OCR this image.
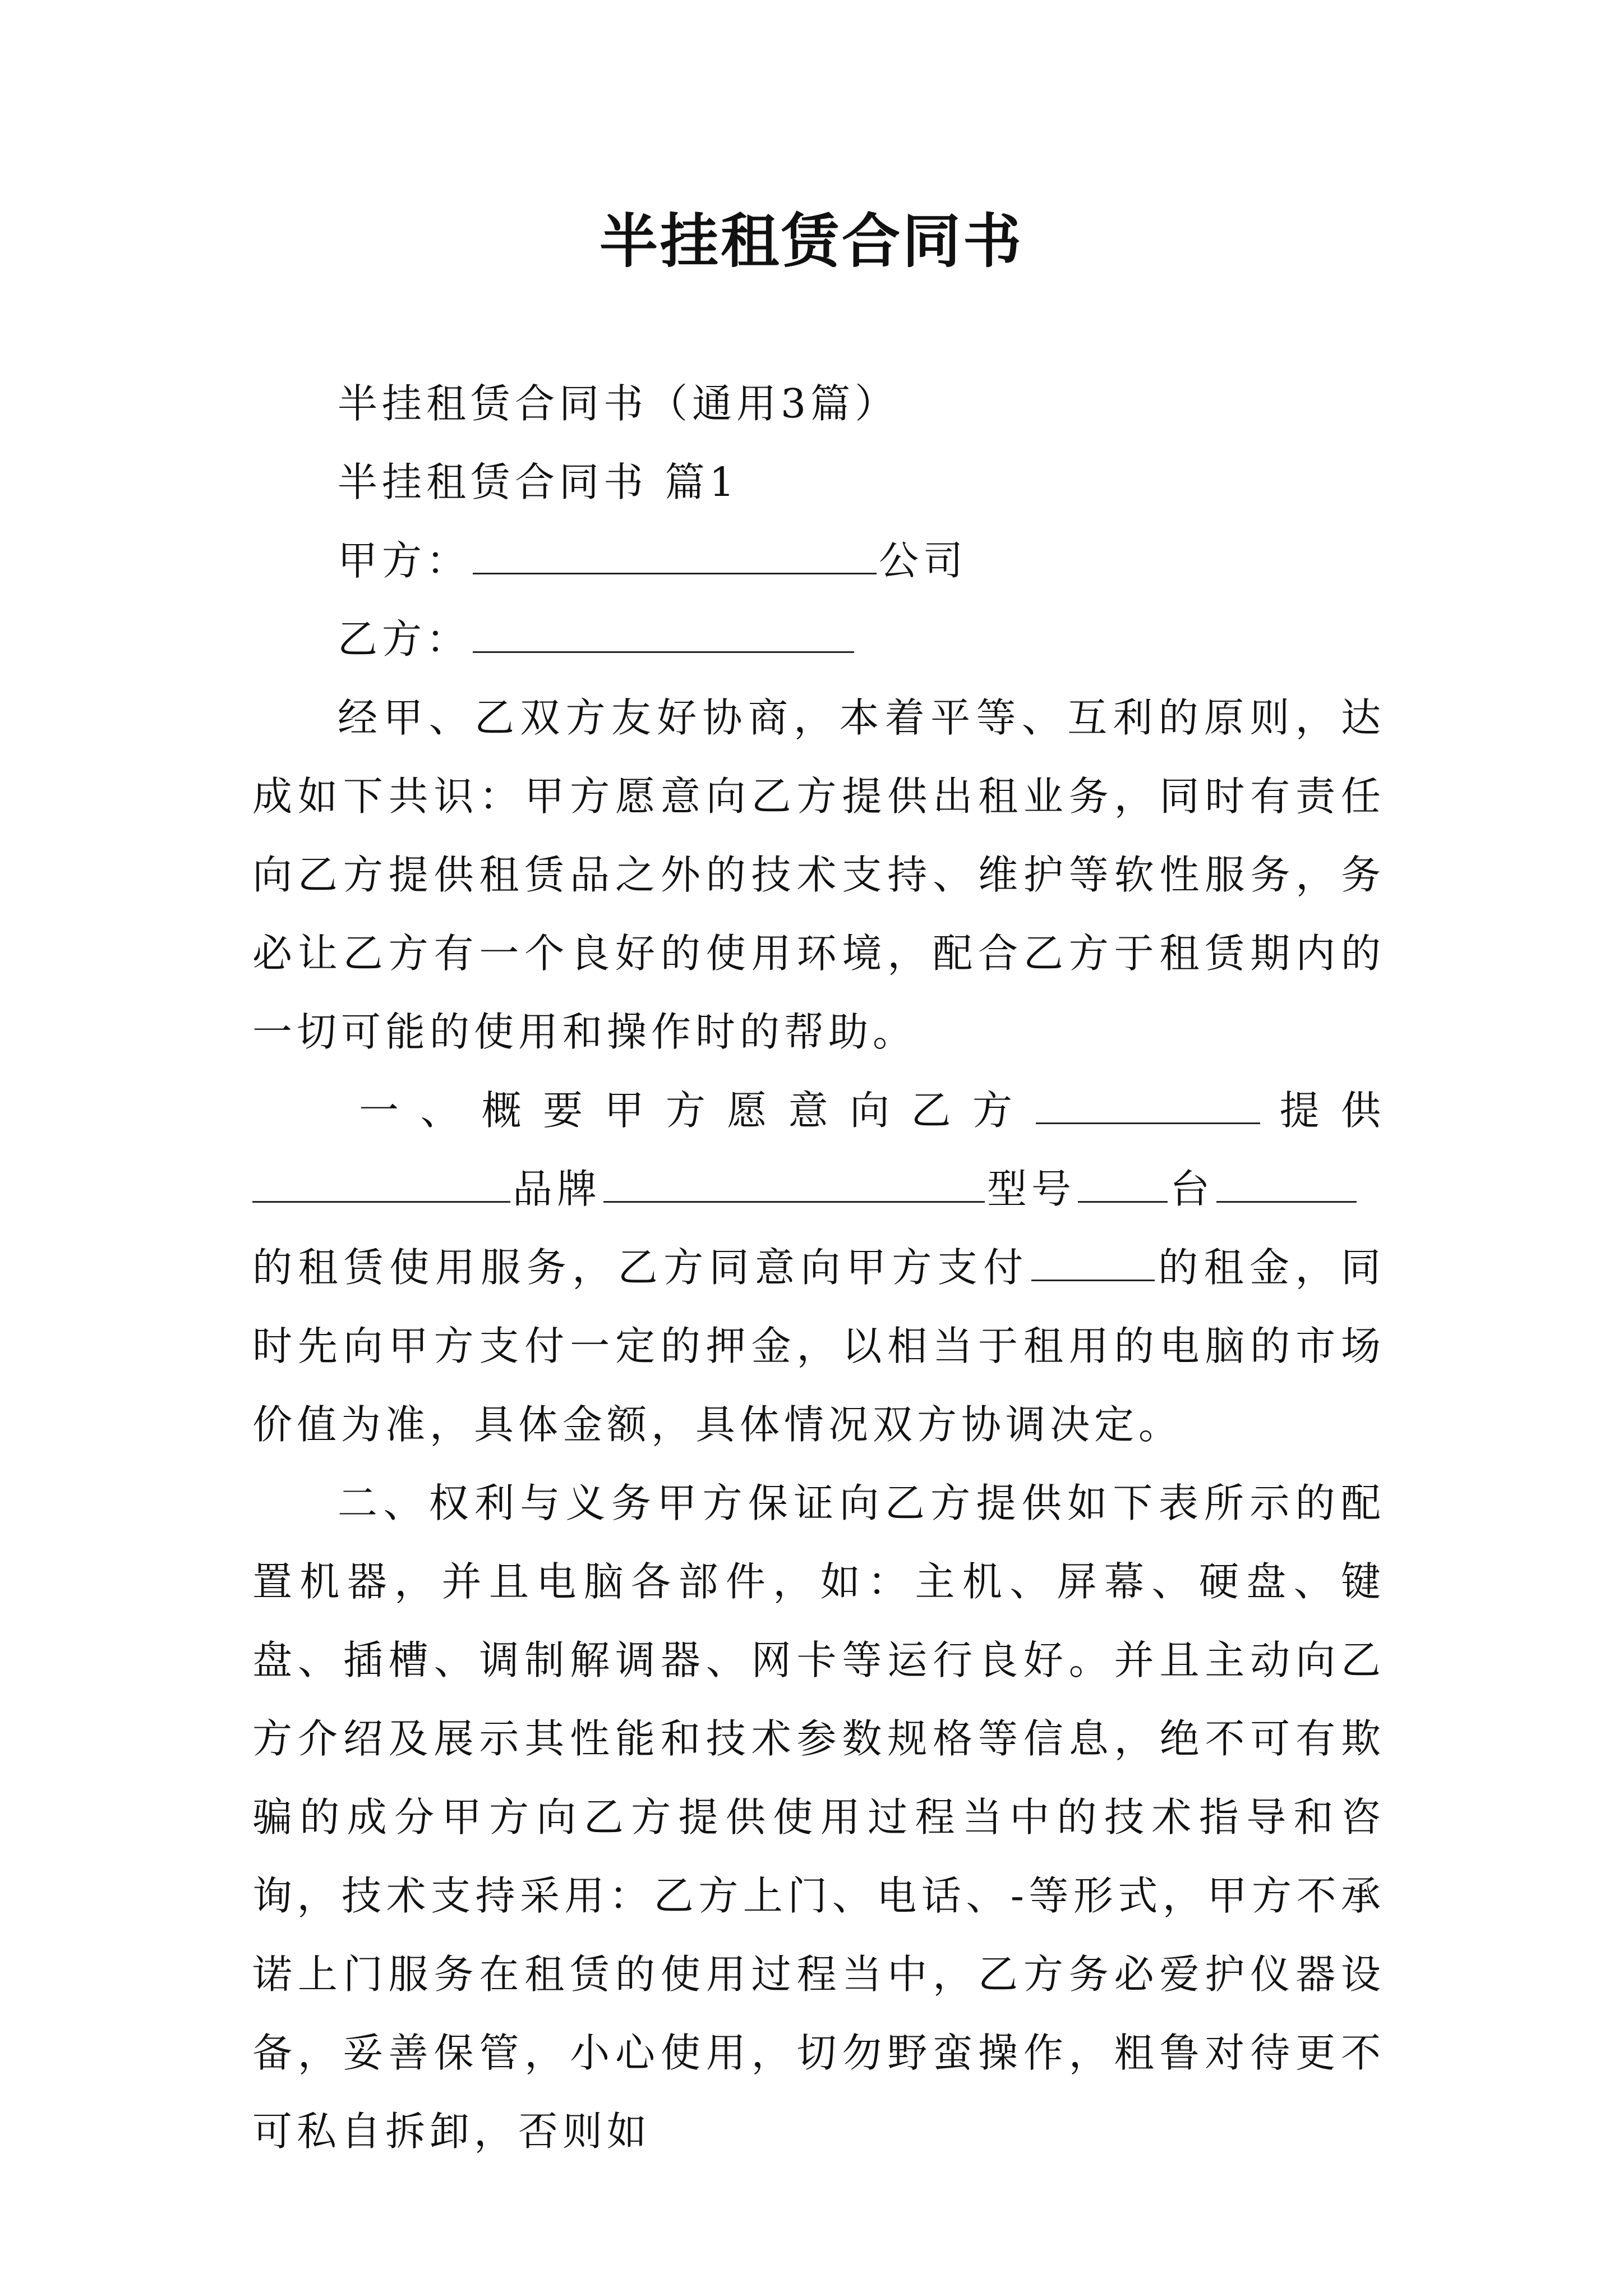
半挂租赁合同书

半挂租赁合同书（通用3篇）

半挂租赁合同书 篇1

甲方：	公司

乙方：

经甲、乙双方友好协商，本着平等、互利的原则，达成如下共识：甲方愿意向乙方提供出租业务，同时有责任向乙方提供租赁品之外的技术支持、维护等软性服务，务必让乙方有一个良好的使用环境，配合乙方于租赁期内的一切可能的使用和操作时的帮助。

一、概要甲方愿意向乙方	提供

品牌	型号 台

的租赁使用服务，乙方同意向甲方支付	的租金，同时先向甲方支付一定的押金，以相当于租用的电脑的市场价值为准，具体金额，具体情况双方协调决定。

二、权利与义务甲方保证向乙方提供如下表所示的配置机器，并且电脑各部件，如：主机、屏幕、硬盘、键盘、插槽、调制解调器、网卡等运行良好。并且主动向乙方介绍及展示其性能和技术参数规格等信息，绝不可有欺骗的成分甲方向乙方提供使用过程当中的技术指导和咨询，技术支持采用：乙方上门、电话、-等形式，甲方不承诺上门服务在租赁的使用过程当中，乙方务必爱护仪器设备，妥善保管，小心使用，切勿野蛮操作，粗鲁对待更不可私自拆卸，否则如
